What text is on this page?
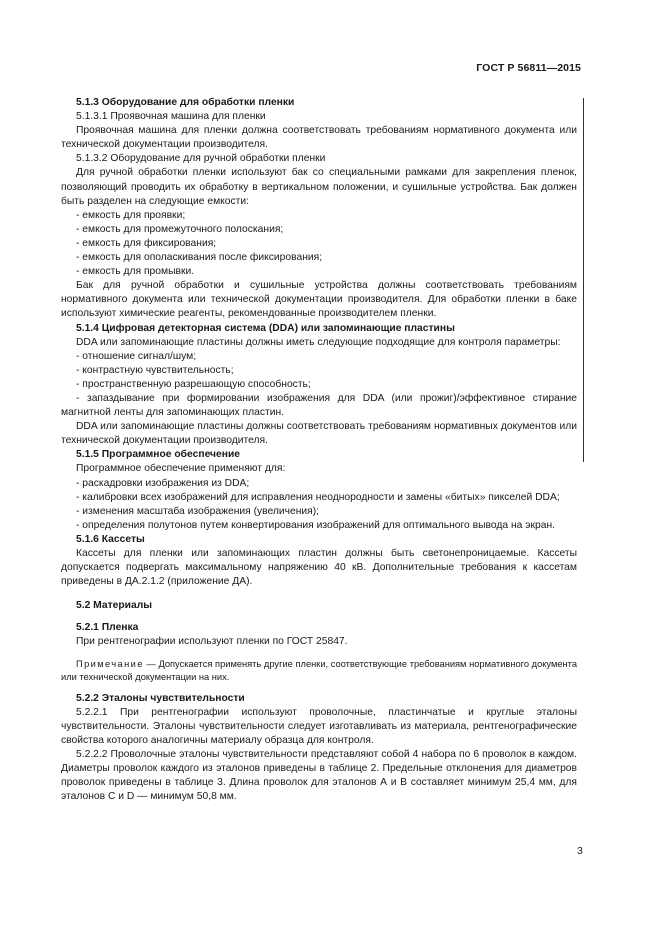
ГОСТ Р 56811—2015

5.1.3 Оборудование для обработки пленки

5.1.3.1 Проявочная машина для пленки

Проявочная машина для пленки должна соответствовать требованиям нормативного документа или технической документации производителя.

5.1.3.2 Оборудование для ручной обработки пленки

Для ручной обработки пленки используют бак со специальными рамками для закрепления пленок, позволяющий проводить их обработку в вертикальном положении, и сушильные устройства. Бак должен быть разделен на следующие емкости:

- емкость для проявки;

- емкость для промежуточного полоскания;

- емкость для фиксирования;

- емкость для ополаскивания после фиксирования;

- емкость для промывки.

Бак для ручной обработки и сушильные устройства должны соответствовать требованиям нормативного документа или технической документации производителя. Для обработки пленки в баке используют химические реагенты, рекомендованные производителем пленки.

5.1.4 Цифровая детекторная система (DDA) или запоминающие пластины

DDA или запоминающие пластины должны иметь следующие подходящие для контроля параметры:

- отношение сигнал/шум;

- контрастную чувствительность;

- пространственную разрешающую способность;

- запаздывание при формировании изображения для DDA (или прожиг)/эффективное стирание магнитной ленты для запоминающих пластин.

DDA или запоминающие пластины должны соответствовать требованиям нормативных документов или технической документации производителя.

5.1.5 Программное обеспечение

Программное обеспечение применяют для:

- раскадровки изображения из DDA;

- калибровки всех изображений для исправления неоднородности и замены «битых» пикселей DDA;

- изменения масштаба изображения (увеличения);

- определения полутонов путем конвертирования изображений для оптимального вывода на экран.

5.1.6 Кассеты

Кассеты для пленки или запоминающих пластин должны быть светонепроницаемые. Кассеты допускается подвергать максимальному напряжению 40 кВ. Дополнительные требования к кассетам приведены в ДА.2.1.2 (приложение ДА).

5.2 Материалы

5.2.1 Пленка

При рентгенографии используют пленки по ГОСТ 25847.

Примечание — Допускается применять другие пленки, соответствующие требованиям нормативного документа или технической документации на них.

5.2.2 Эталоны чувствительности

5.2.2.1 При рентгенографии используют проволочные, пластинчатые и круглые эталоны чувствительности. Эталоны чувствительности следует изготавливать из материала, рентгенографические свойства которого аналогичны материалу образца для контроля.

5.2.2.2 Проволочные эталоны чувствительности представляют собой 4 набора по 6 проволок в каждом. Диаметры проволок каждого из эталонов приведены в таблице 2. Предельные отклонения для диаметров проволок приведены в таблице 3. Длина проволок для эталонов А и В составляет минимум 25,4 мм, для эталонов С и D — минимум 50,8 мм.

3
